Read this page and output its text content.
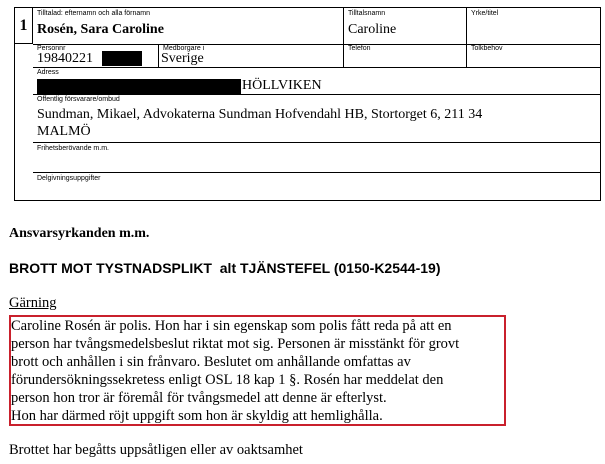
1
Tilltalad: efternamn och alla förnamn
Rosén, Sara Caroline
Tilltalsnamn
Caroline
Yrke/titel
Personnr
19840221
Medborgare i
Sverige
Telefon	Tolkbehov
Adress
HÖLLVIKEN
Offentlig försvarare/ombud
Sundman, Mikael, Advokaterna Sundman Hofvendahl HB, Stortorget 6, 211 34
MALMÖ
Frihetsberövande m.m.
Delgivningsuppgifter
Ansvarsyrkanden m.m.
BROTT MOT TYSTNADSPLIKT  alt TJÄNSTEFEL (0150-K2544-19)
Gärning
Caroline Rosén är polis. Hon har i sin egenskap som polis fått reda på att en
person har tvångsmedelsbeslut riktat mot sig. Personen är misstänkt för grovt
brott och anhållen i sin frånvaro. Beslutet om anhållande omfattas av
förundersökningssekretess enligt OSL 18 kap 1 §. Rosén har meddelat den
person hon tror är föremål för tvångsmedel att denne är efterlyst.
Hon har därmed röjt uppgift som hon är skyldig att hemlighålla.
Brottet har begåtts uppsåtligen eller av oaktsamhet
